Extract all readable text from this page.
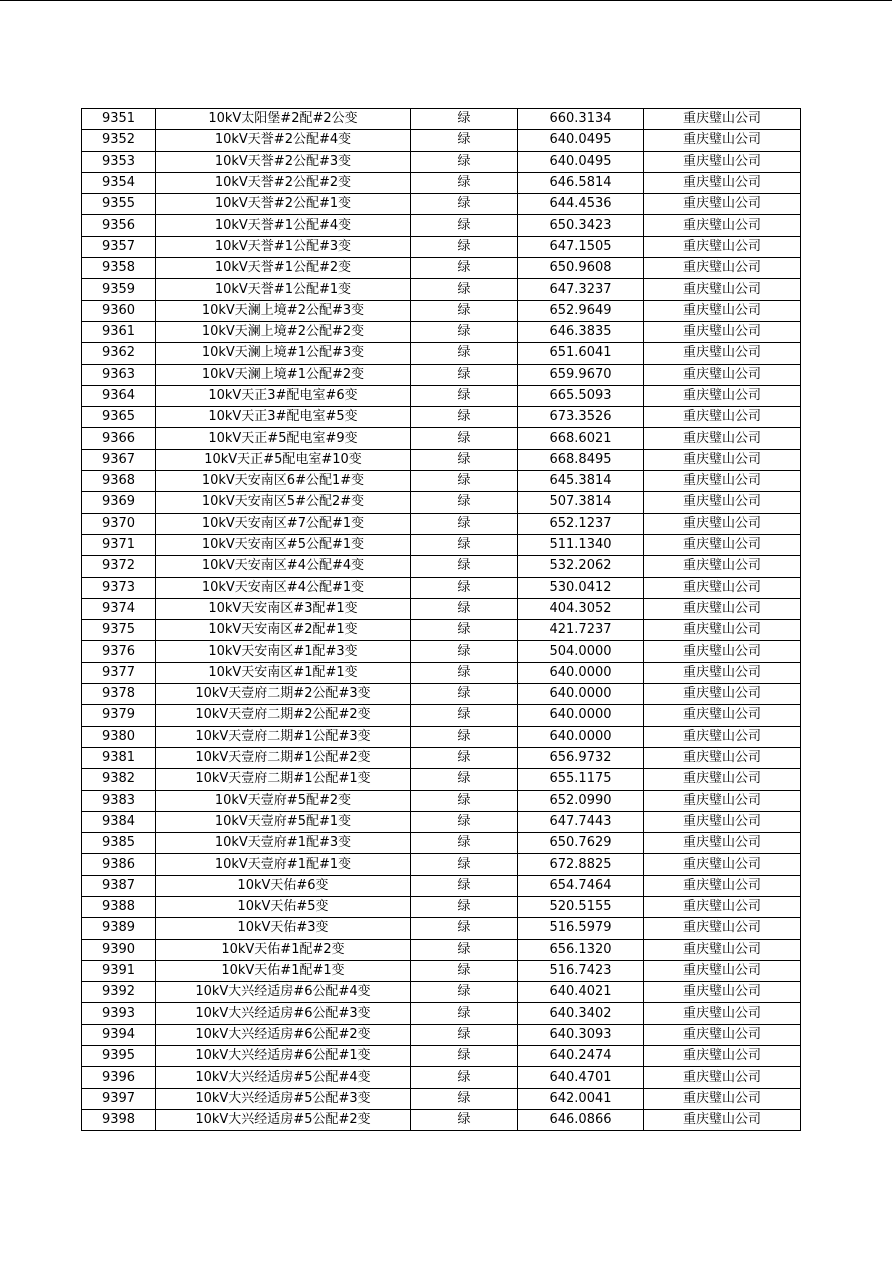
9351	10kV太阳堡#2配#2公变	绿	660.3134	重庆璧山公司
9352	10kV天誉#2公配#4变	绿	640.0495	重庆璧山公司
9353	10kV天誉#2公配#3变	绿	640.0495	重庆璧山公司
9354	10kV天誉#2公配#2变	绿	646.5814	重庆璧山公司
9355	10kV天誉#2公配#1变	绿	644.4536	重庆璧山公司
9356	10kV天誉#1公配#4变	绿	650.3423	重庆璧山公司
9357	10kV天誉#1公配#3变	绿	647.1505	重庆璧山公司
9358	10kV天誉#1公配#2变	绿	650.9608	重庆璧山公司
9359	10kV天誉#1公配#1变	绿	647.3237	重庆璧山公司
9360	10kV天澜上境#2公配#3变	绿	652.9649	重庆璧山公司
9361	10kV天澜上境#2公配#2变	绿	646.3835	重庆璧山公司
9362	10kV天澜上境#1公配#3变	绿	651.6041	重庆璧山公司
9363	10kV天澜上境#1公配#2变	绿	659.9670	重庆璧山公司
9364	10kV天正3#配电室#6变	绿	665.5093	重庆璧山公司
9365	10kV天正3#配电室#5变	绿	673.3526	重庆璧山公司
9366	10kV天正#5配电室#9变	绿	668.6021	重庆璧山公司
9367	10kV天正#5配电室#10变	绿	668.8495	重庆璧山公司
9368	10kV天安南区6#公配1#变	绿	645.3814	重庆璧山公司
9369	10kV天安南区5#公配2#变	绿	507.3814	重庆璧山公司
9370	10kV天安南区#7公配#1变	绿	652.1237	重庆璧山公司
9371	10kV天安南区#5公配#1变	绿	511.1340	重庆璧山公司
9372	10kV天安南区#4公配#4变	绿	532.2062	重庆璧山公司
9373	10kV天安南区#4公配#1变	绿	530.0412	重庆璧山公司
9374	10kV天安南区#3配#1变	绿	404.3052	重庆璧山公司
9375	10kV天安南区#2配#1变	绿	421.7237	重庆璧山公司
9376	10kV天安南区#1配#3变	绿	504.0000	重庆璧山公司
9377	10kV天安南区#1配#1变	绿	640.0000	重庆璧山公司
9378	10kV天壹府二期#2公配#3变	绿	640.0000	重庆璧山公司
9379	10kV天壹府二期#2公配#2变	绿	640.0000	重庆璧山公司
9380	10kV天壹府二期#1公配#3变	绿	640.0000	重庆璧山公司
9381	10kV天壹府二期#1公配#2变	绿	656.9732	重庆璧山公司
9382	10kV天壹府二期#1公配#1变	绿	655.1175	重庆璧山公司
9383	10kV天壹府#5配#2变	绿	652.0990	重庆璧山公司
9384	10kV天壹府#5配#1变	绿	647.7443	重庆璧山公司
9385	10kV天壹府#1配#3变	绿	650.7629	重庆璧山公司
9386	10kV天壹府#1配#1变	绿	672.8825	重庆璧山公司
9387	10kV天佑#6变	绿	654.7464	重庆璧山公司
9388	10kV天佑#5变	绿	520.5155	重庆璧山公司
9389	10kV天佑#3变	绿	516.5979	重庆璧山公司
9390	10kV天佑#1配#2变	绿	656.1320	重庆璧山公司
9391	10kV天佑#1配#1变	绿	516.7423	重庆璧山公司
9392	10kV大兴经适房#6公配#4变	绿	640.4021	重庆璧山公司
9393	10kV大兴经适房#6公配#3变	绿	640.3402	重庆璧山公司
9394	10kV大兴经适房#6公配#2变	绿	640.3093	重庆璧山公司
9395	10kV大兴经适房#6公配#1变	绿	640.2474	重庆璧山公司
9396	10kV大兴经适房#5公配#4变	绿	640.4701	重庆璧山公司
9397	10kV大兴经适房#5公配#3变	绿	642.0041	重庆璧山公司
9398	10kV大兴经适房#5公配#2变	绿	646.0866	重庆璧山公司
